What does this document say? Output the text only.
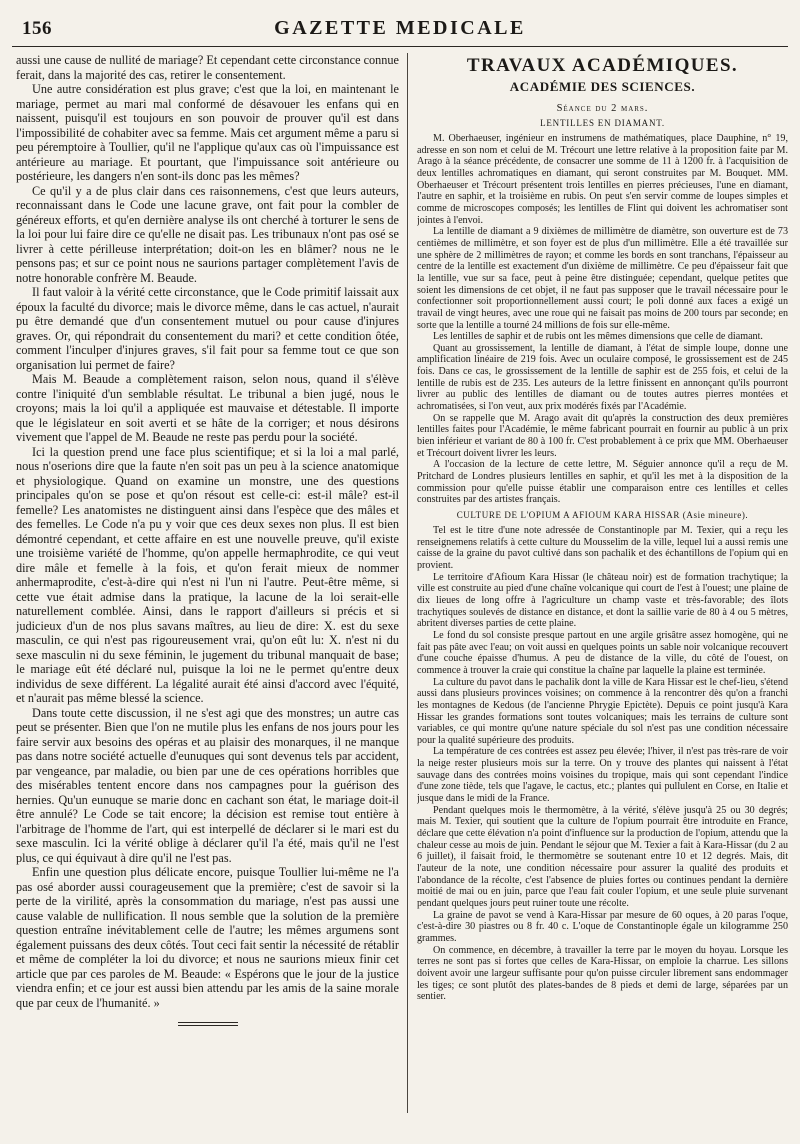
156	GAZETTE MEDICALE

aussi une cause de nullité de mariage? Et cependant cette circonstance connue ferait, dans la majorité des cas, retirer le consentement.

Une autre considération est plus grave; c'est que la loi, en maintenant le mariage, permet au mari mal conformé de désavouer les enfans qui en naissent, puisqu'il est toujours en son pouvoir de prouver qu'il est dans l'impossibilité de cohabiter avec sa femme. Mais cet argument même a paru si peu péremptoire à Toullier, qu'il ne l'applique qu'aux cas où l'impuissance est antérieure au mariage. Et pourtant, que l'impuissance soit antérieure ou postérieure, les dangers n'en sont-ils donc pas les mêmes?

Ce qu'il y a de plus clair dans ces raisonnemens, c'est que leurs auteurs, reconnaissant dans le Code une lacune grave, ont fait pour la combler de généreux efforts, et qu'en dernière analyse ils ont cherché à torturer le sens de la loi pour lui faire dire ce qu'elle ne disait pas. Les tribunaux n'ont pas osé se livrer à cette périlleuse interprétation; doit-on les en blâmer? nous ne le pensons pas; et sur ce point nous ne saurions partager complètement l'avis de notre honorable confrère M. Beaude.

Il faut valoir à la vérité cette circonstance, que le Code primitif laissait aux époux la faculté du divorce; mais le divorce même, dans le cas actuel, n'aurait pu être demandé que d'un consentement mutuel ou pour cause d'injures graves. Or, qui répondrait du consentement du mari? et cette condition ôtée, comment l'inculper d'injures graves, s'il fait pour sa femme tout ce que son organisation lui permet de faire?

Mais M. Beaude a complètement raison, selon nous, quand il s'élève contre l'iniquité d'un semblable résultat. Le tribunal a bien jugé, nous le croyons; mais la loi qu'il a appliquée est mauvaise et détestable. Il importe que le législateur en soit averti et se hâte de la corriger; et nous désirons vivement que l'appel de M. Beaude ne reste pas perdu pour la société.

Ici la question prend une face plus scientifique; et si la loi a mal parlé, nous n'oserions dire que la faute n'en soit pas un peu à la science anatomique et physiologique. Quand on examine un monstre, une des questions principales qu'on se pose et qu'on résout est celle-ci: est-il mâle? est-il femelle? Les anatomistes ne distinguent ainsi dans l'espèce que des mâles et des femelles. Le Code n'a pu y voir que ces deux sexes non plus. Il est bien démontré cependant, et cette affaire en est une nouvelle preuve, qu'il existe une troisième variété de l'homme, qu'on appelle hermaphrodite, ce qui veut dire mâle et femelle à la fois, et qu'on ferait mieux de nommer anhermaprodite, c'est-à-dire qui n'est ni l'un ni l'autre. Peut-être même, si cette vue était admise dans la pratique, la lacune de la loi serait-elle naturellement comblée. Ainsi, dans le rapport d'ailleurs si précis et si judicieux d'un de nos plus savans maîtres, au lieu de dire: X. est du sexe masculin, ce qui n'est pas rigoureusement vrai, qu'on eût lu: X. n'est ni du sexe masculin ni du sexe féminin, le jugement du tribunal manquait de base; le mariage eût été déclaré nul, puisque la loi ne le permet qu'entre deux individus de sexe différent. La légalité aurait été ainsi d'accord avec l'équité, et n'aurait pas même blessé la science.

Dans toute cette discussion, il ne s'est agi que des monstres; un autre cas peut se présenter. Bien que l'on ne mutile plus les enfans de nos jours pour les faire servir aux besoins des opéras et au plaisir des monarques, il ne manque pas dans notre société actuelle d'eunuques qui sont devenus tels par accident, par vengeance, par maladie, ou bien par une de ces opérations horribles que des misérables tentent encore dans nos campagnes pour la guérison des hernies. Qu'un eunuque se marie donc en cachant son état, le mariage doit-il être annulé? Le Code se tait encore; la décision est remise tout entière à l'arbitrage de l'homme de l'art, qui est interpellé de déclarer si le mari est du sexe masculin. Ici la vérité oblige à déclarer qu'il l'a été, mais qu'il ne l'est plus, ce qui équivaut à dire qu'il ne l'est pas.

Enfin une question plus délicate encore, puisque Toullier lui-même ne l'a pas osé aborder aussi courageusement que la première; c'est de savoir si la perte de la virilité, après la consommation du mariage, n'est pas aussi une cause valable de nullification. Il nous semble que la solution de la première question entraîne inévitablement celle de l'autre; les mêmes argumens sont également puissans des deux côtés. Tout ceci fait sentir la nécessité de rétablir et même de compléter la loi du divorce; et nous ne saurions mieux finir cet article que par ces paroles de M. Beaude: « Espérons que le jour de la justice viendra enfin; et ce jour est aussi bien attendu par les amis de la saine morale que par ceux de l'humanité. »

TRAVAUX ACADÉMIQUES.
ACADÉMIE DES SCIENCES.
Séance du 2 mars.
LENTILLES EN DIAMANT.

M. Oberhaeuser, ingénieur en instrumens de mathématiques, place Dauphine, n° 19, adresse en son nom et celui de M. Trécourt une lettre relative à la proposition faite par M. Arago à la séance précédente, de consacrer une somme de 11 à 1200 fr. à l'acquisition de deux lentilles achromatiques en diamant, qui seront construites par M. Bouquet. MM. Oberhaeuser et Trécourt présentent trois lentilles en pierres précieuses, l'une en diamant, l'autre en saphir, et la troisième en rubis. On peut s'en servir comme de loupes simples et comme de microscopes composés; les lentilles de Flint qui doivent les achromatiser sont jointes à l'envoi.

La lentille de diamant a 9 dixièmes de millimètre de diamètre, son ouverture est de 73 centièmes de millimètre, et son foyer est de plus d'un millimètre. Elle a été travaillée sur une sphère de 2 millimètres de rayon; et comme les bords en sont tranchans, l'épaisseur au centre de la lentille est exactement d'un dixième de millimètre. Ce peu d'épaisseur fait que la lentille, vue sur sa face, peut à peine être distinguée; cependant, quelque petites que soient les dimensions de cet objet, il ne faut pas supposer que le travail nécessaire pour le confectionner soit proportionnellement aussi court; le poli donné aux faces a exigé un travail de vingt heures, avec une roue qui ne faisait pas moins de 200 tours par seconde; en sorte que la lentille a tourné 24 millions de fois sur elle-même.

Les lentilles de saphir et de rubis ont les mêmes dimensions que celle de diamant.

Quant au grossissement, la lentille de diamant, à l'état de simple loupe, donne une amplification linéaire de 219 fois. Avec un oculaire composé, le grossissement est de 245 fois. Dans ce cas, le grossissement de la lentille de saphir est de 255 fois, et celui de la lentille de rubis est de 235. Les auteurs de la lettre finissent en annonçant qu'ils pourront livrer au public des lentilles de diamant ou de toutes autres pierres montées et achromatisées, si l'on veut, aux prix modérés fixés par l'Académie.

On se rappelle que M. Arago avait dit qu'après la construction des deux premières lentilles faites pour l'Académie, le même fabricant pourrait en fournir au public à un prix bien inférieur et variant de 80 à 100 fr. C'est probablement à ce prix que MM. Oberhaeuser et Trécourt doivent livrer les leurs.

A l'occasion de la lecture de cette lettre, M. Séguier annonce qu'il a reçu de M. Pritchard de Londres plusieurs lentilles en saphir, et qu'il les met à la disposition de la commission pour qu'elle puisse établir une comparaison entre ces lentilles et celles construites par des artistes français.

CULTURE DE L'OPIUM A AFIOUM KARA HISSAR (Asie mineure).

Tel est le titre d'une note adressée de Constantinople par M. Texier, qui a reçu les renseignemens relatifs à cette culture du Mousselim de la ville, lequel lui a aussi remis une caisse de la graine du pavot cultivé dans son pachalik et des échantillons de l'opium qui en provient.

Le territoire d'Afioum Kara Hissar (le château noir) est de formation trachytique; la ville est construite au pied d'une chaîne volcanique qui court de l'est à l'ouest; une plaine de dix lieues de long offre à l'agriculture un champ vaste et très-favorable; des îlots trachytiques soulevés de distance en distance, et dont la saillie varie de 80 à 4 ou 5 mètres, abritent diverses parties de cette plaine.

Le fond du sol consiste presque partout en une argile grisâtre assez homogène, qui ne fait pas pâte avec l'eau; on voit aussi en quelques points un sable noir volcanique recouvert d'une couche épaisse d'humus. A peu de distance de la ville, du côté de l'ouest, on commence à trouver la craie qui constitue la chaîne par laquelle la plaine est terminée.

La culture du pavot dans le pachalik dont la ville de Kara Hissar est le chef-lieu, s'étend aussi dans plusieurs provinces voisines; on commence à la rencontrer dès qu'on a franchi les montagnes de Kedous (de l'ancienne Phrygie Epictète). Depuis ce point jusqu'à Kara Hissar les grandes formations sont toutes volcaniques; mais les terrains de culture sont variables, ce qui montre qu'une nature spéciale du sol n'est pas une condition nécessaire pour la qualité supérieure des produits.

La température de ces contrées est assez peu élevée; l'hiver, il n'est pas très-rare de voir la neige rester plusieurs mois sur la terre. On y trouve des plantes qui naissent à l'état sauvage dans des contrées moins voisines du tropique, mais qui sont cependant l'indice d'une zone tiède, tels que l'agave, le cactus, etc.; plantes qui pullulent en Corse, en Italie et jusque dans le midi de la France.

Pendant quelques mois le thermomètre, à la vérité, s'élève jusqu'à 25 ou 30 degrés; mais M. Texier, qui soutient que la culture de l'opium pourrait être introduite en France, déclare que cette élévation n'a point d'influence sur la production de l'opium, attendu que la chaleur cesse au mois de juin. Pendant le séjour que M. Texier a fait à Kara-Hissar (du 2 au 6 juillet), il faisait froid, le thermomètre se soutenant entre 10 et 12 degrés. Mais, dit l'auteur de la note, une condition nécessaire pour assurer la qualité des produits et l'abondance de la récolte, c'est l'absence de pluies fortes ou continues pendant la dernière moitié de mai ou en juin, parce que l'eau fait couler l'opium, et une seule pluie survenant pendant quelques jours peut ruiner toute une récolte.

La graine de pavot se vend à Kara-Hissar par mesure de 60 oques, à 20 paras l'oque, c'est-à-dire 30 piastres ou 8 fr. 40 c. L'oque de Constantinople égale un kilogramme 250 grammes.

On commence, en décembre, à travailler la terre par le moyen du hoyau. Lorsque les terres ne sont pas si fortes que celles de Kara-Hissar, on emploie la charrue. Les sillons doivent avoir une largeur suffisante pour qu'on puisse circuler librement sans endommager les tiges; ce sont plutôt des plates-bandes de 8 pieds et demi de large, séparées par un sentier.
